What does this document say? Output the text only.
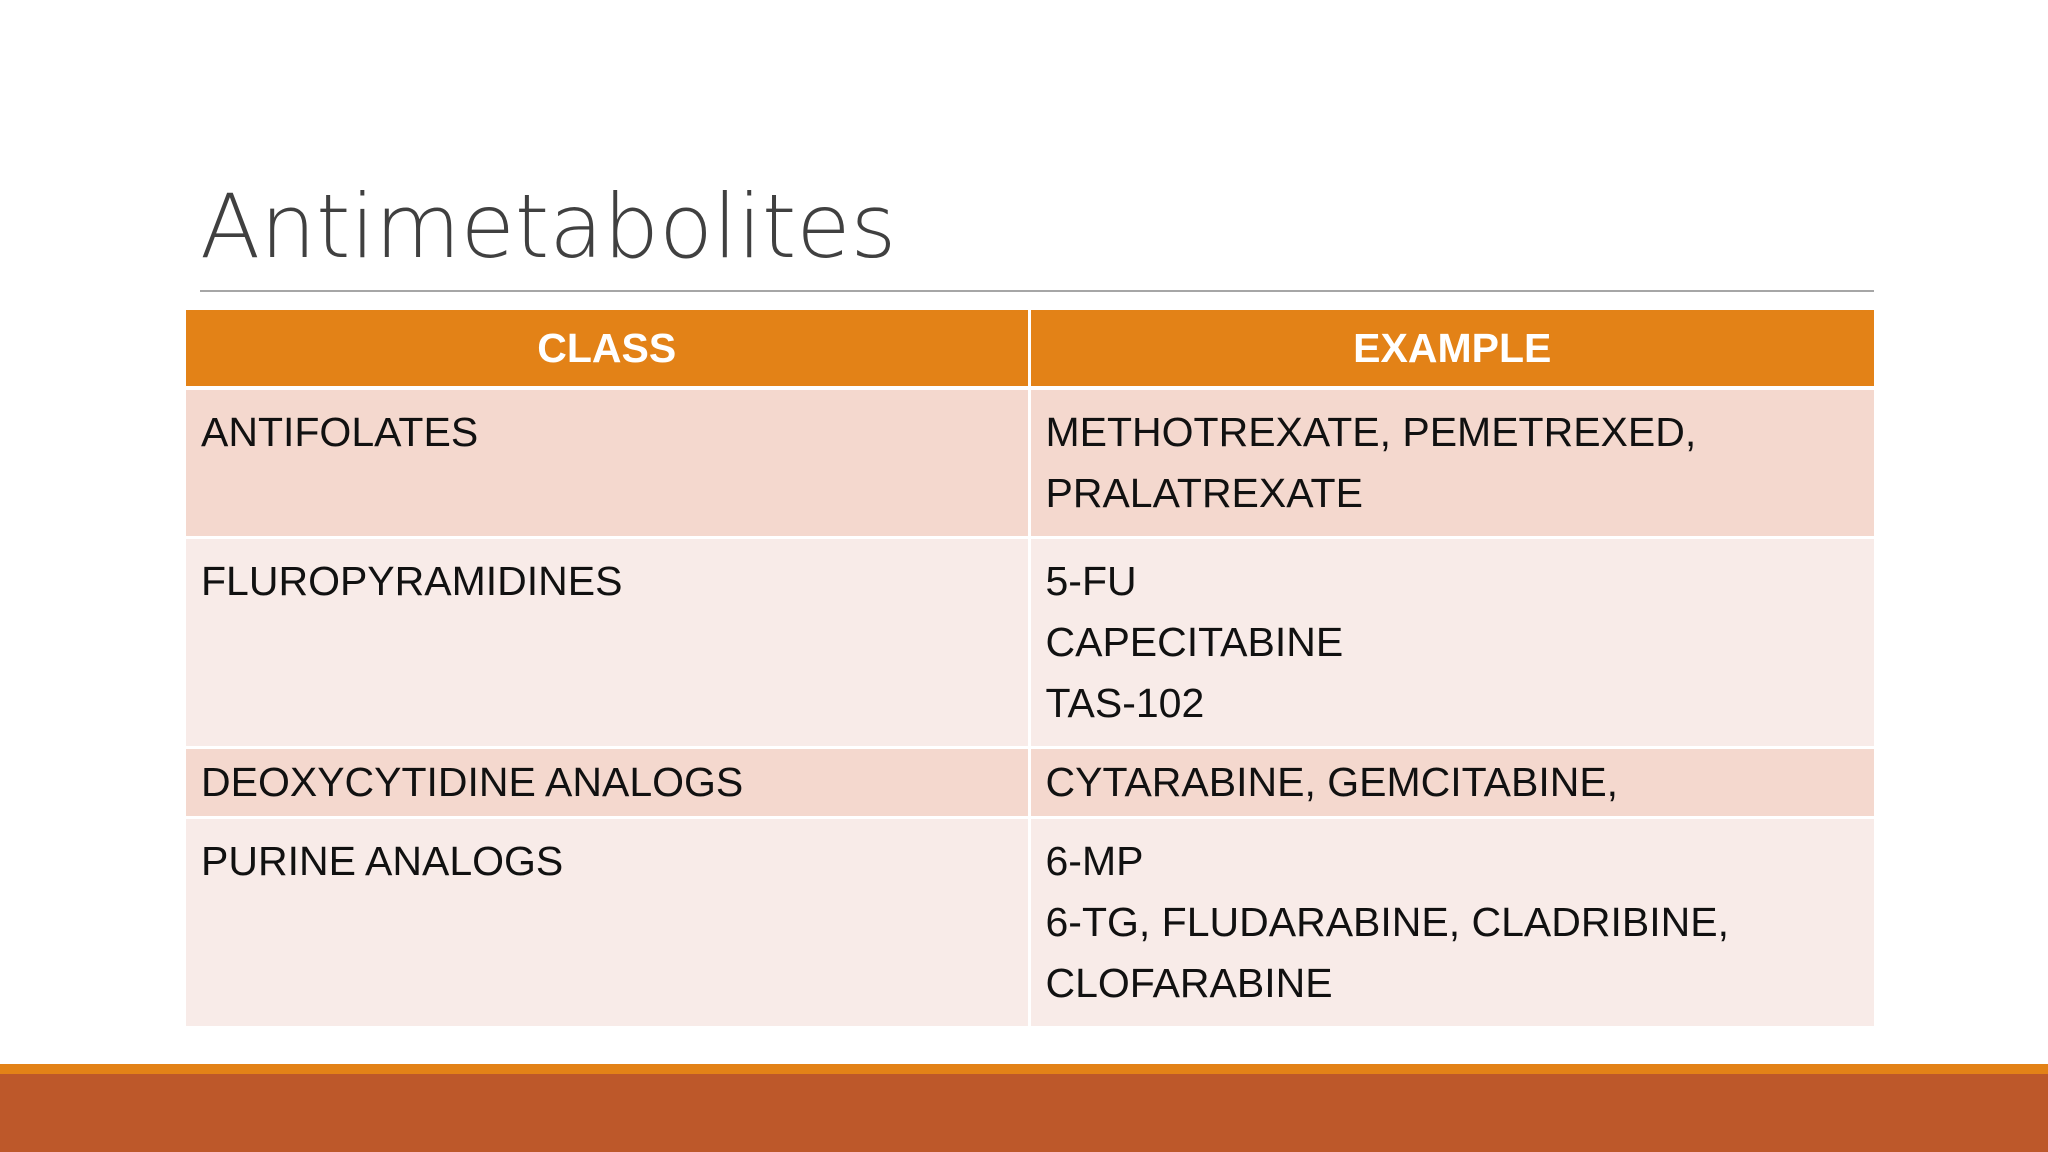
Antimetabolites
CLASS	EXAMPLE
ANTIFOLATES	METHOTREXATE, PEMETREXED,
PRALATREXATE

FLUROPYRAMIDINES	5-FU
CAPECITABINE
TAS-102

DEOXYCYTIDINE ANALOGS	CYTARABINE, GEMCITABINE,

PURINE ANALOGS	6-MP
6-TG, FLUDARABINE, CLADRIBINE,
CLOFARABINE
